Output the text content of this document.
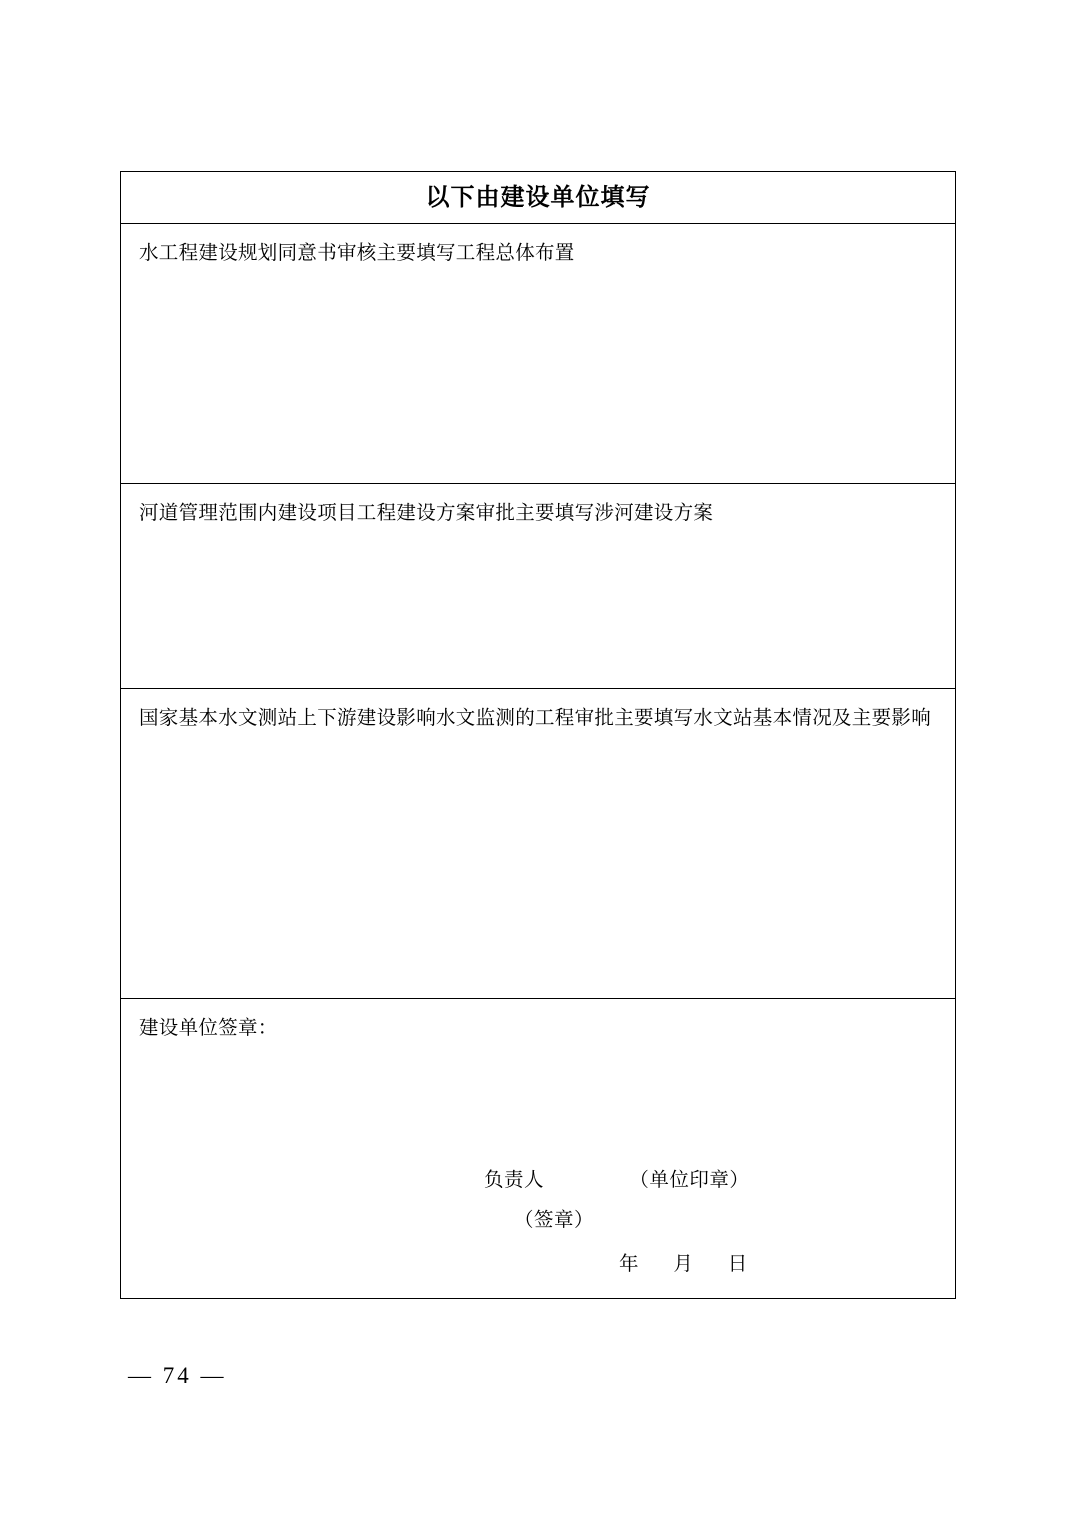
以下由建设单位填写
水工程建设规划同意书审核主要填写工程总体布置
河道管理范围内建设项目工程建设方案审批主要填写涉河建设方案
国家基本水文测站上下游建设影响水文监测的工程审批主要填写水文站基本情况及主要影响

建设单位签章：
负责人	（单位印章）
（签章）
年 月 日
— 74 —
